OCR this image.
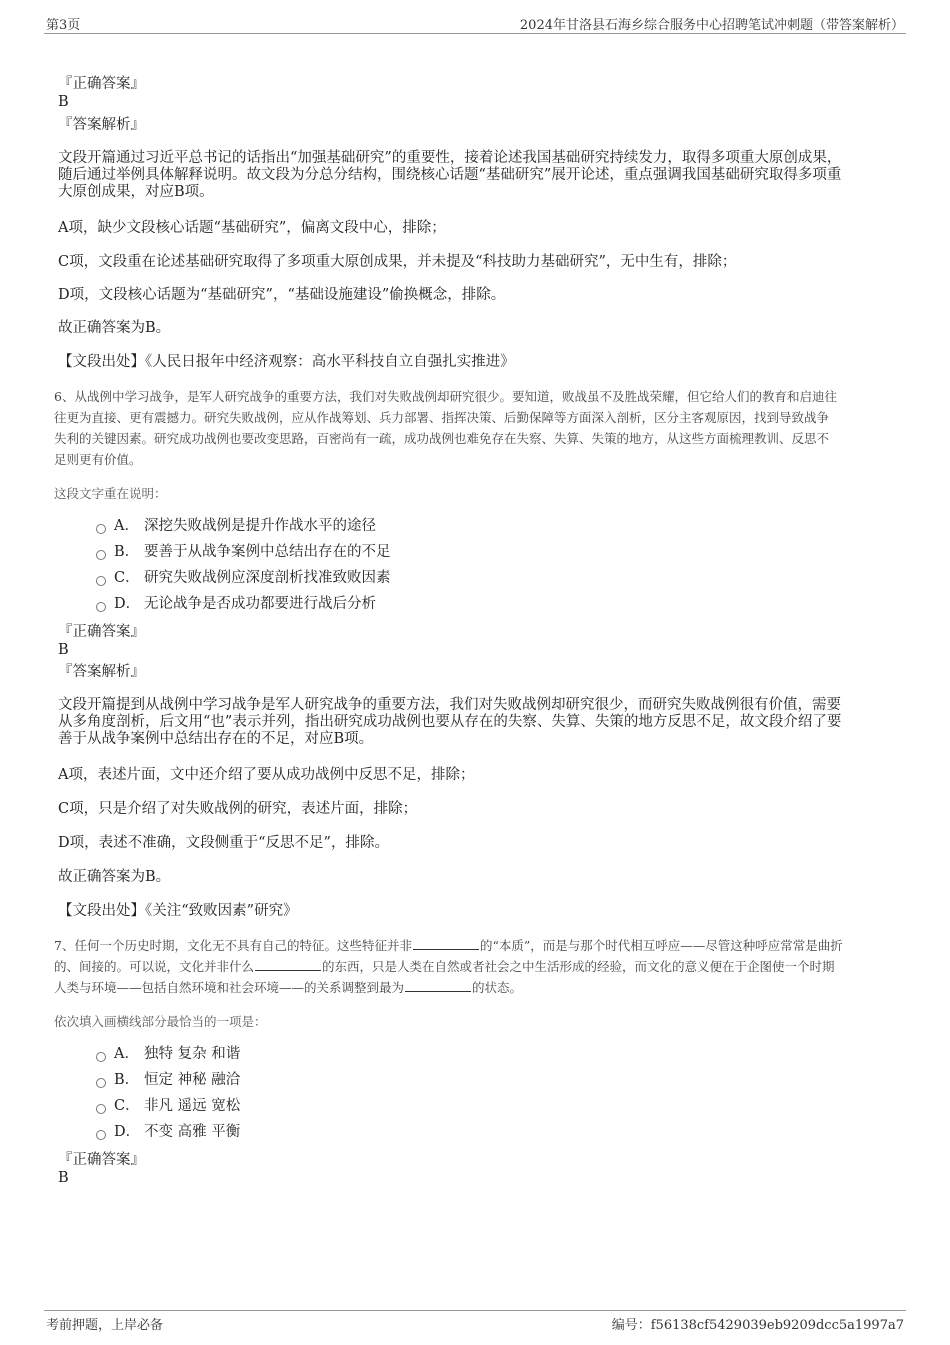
第3页	2024年甘洛县石海乡综合服务中心招聘笔试冲刺题（带答案解析）
『正确答案』
B
『答案解析』
文段开篇通过习近平总书记的话指出“加强基础研究”的重要性，接着论述我国基础研究持续发力，取得多项重大原创成果，
随后通过举例具体解释说明。故文段为分总分结构，围绕核心话题“基础研究”展开论述，重点强调我国基础研究取得多项重
大原创成果，对应B项。
A项，缺少文段核心话题“基础研究”，偏离文段中心，排除；
C项，文段重在论述基础研究取得了多项重大原创成果，并未提及“科技助力基础研究”，无中生有，排除；
D项，文段核心话题为“基础研究”，“基础设施建设”偷换概念，排除。
故正确答案为B。
【文段出处】《人民日报年中经济观察：高水平科技自立自强扎实推进》
6、从战例中学习战争，是军人研究战争的重要方法，我们对失败战例却研究很少。要知道，败战虽不及胜战荣耀，但它给人们的教育和启迪往
往更为直接、更有震撼力。研究失败战例，应从作战筹划、兵力部署、指挥决策、后勤保障等方面深入剖析，区分主客观原因，找到导致战争
失利的关键因素。研究成功战例也要改变思路，百密尚有一疏，成功战例也难免存在失察、失算、失策的地方，从这些方面梳理教训、反思不
足则更有价值。
这段文字重在说明：
A． 深挖失败战例是提升作战水平的途径
B． 要善于从战争案例中总结出存在的不足
C． 研究失败战例应深度剖析找准致败因素
D． 无论战争是否成功都要进行战后分析
『正确答案』
B
『答案解析』
文段开篇提到从战例中学习战争是军人研究战争的重要方法，我们对失败战例却研究很少，而研究失败战例很有价值，需要
从多角度剖析，后文用“也”表示并列，指出研究成功战例也要从存在的失察、失算、失策的地方反思不足，故文段介绍了要
善于从战争案例中总结出存在的不足，对应B项。
A项，表述片面，文中还介绍了要从成功战例中反思不足，排除；
C项，只是介绍了对失败战例的研究，表述片面，排除；
D项，表述不准确，文段侧重于“反思不足”，排除。
故正确答案为B。
【文段出处】《关注“致败因素”研究》
7、任何一个历史时期，文化无不具有自己的特征。这些特征并非	的“本质”，而是与那个时代相互呼应——尽管这种呼应常常是曲折
的、间接的。可以说，文化并非什么	的东西，只是人类在自然或者社会之中生活形成的经验，而文化的意义便在于企图使一个时期
人类与环境——包括自然环境和社会环境——的关系调整到最为	的状态。
依次填入画横线部分最恰当的一项是：
A． 独特 复杂 和谐
B． 恒定 神秘 融洽
C． 非凡 遥远 宽松
D． 不变 高雅 平衡
『正确答案』
B
考前押题，上岸必备	编号：f56138cf5429039eb9209dcc5a1997a7
